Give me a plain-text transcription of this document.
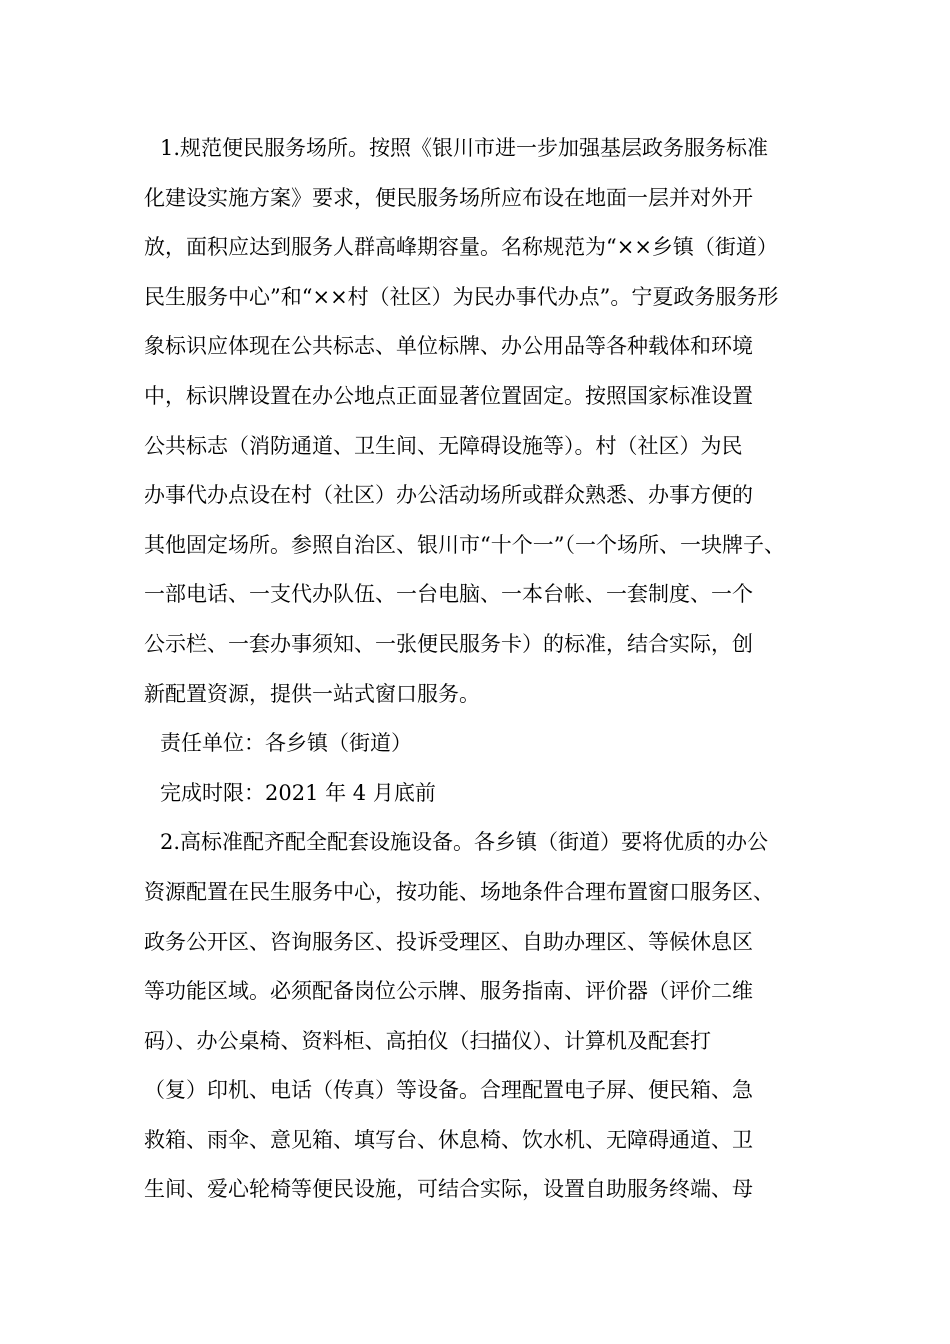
1.规范便民服务场所。按照《银川市进一步加强基层政务服务标准
化建设实施方案》要求，便民服务场所应布设在地面一层并对外开
放，面积应达到服务人群高峰期容量。名称规范为“××乡镇（街道）
民生服务中心”和“××村（社区）为民办事代办点”。宁夏政务服务形
象标识应体现在公共标志、单位标牌、办公用品等各种载体和环境
中，标识牌设置在办公地点正面显著位置固定。按照国家标准设置
公共标志（消防通道、卫生间、无障碍设施等）。村（社区）为民
办事代办点设在村（社区）办公活动场所或群众熟悉、办事方便的
其他固定场所。参照自治区、银川市“十个一”（一个场所、一块牌子、
一部电话、一支代办队伍、一台电脑、一本台帐、一套制度、一个
公示栏、一套办事须知、一张便民服务卡）的标准，结合实际，创
新配置资源，提供一站式窗口服务。
责任单位：各乡镇（街道）
完成时限：2021 年 4 月底前
2.高标准配齐配全配套设施设备。各乡镇（街道）要将优质的办公
资源配置在民生服务中心，按功能、场地条件合理布置窗口服务区、
政务公开区、咨询服务区、投诉受理区、自助办理区、等候休息区
等功能区域。必须配备岗位公示牌、服务指南、评价器（评价二维
码）、办公桌椅、资料柜、高拍仪（扫描仪）、计算机及配套打
（复）印机、电话（传真）等设备。合理配置电子屏、便民箱、急
救箱、雨伞、意见箱、填写台、休息椅、饮水机、无障碍通道、卫
生间、爱心轮椅等便民设施，可结合实际，设置自助服务终端、母
